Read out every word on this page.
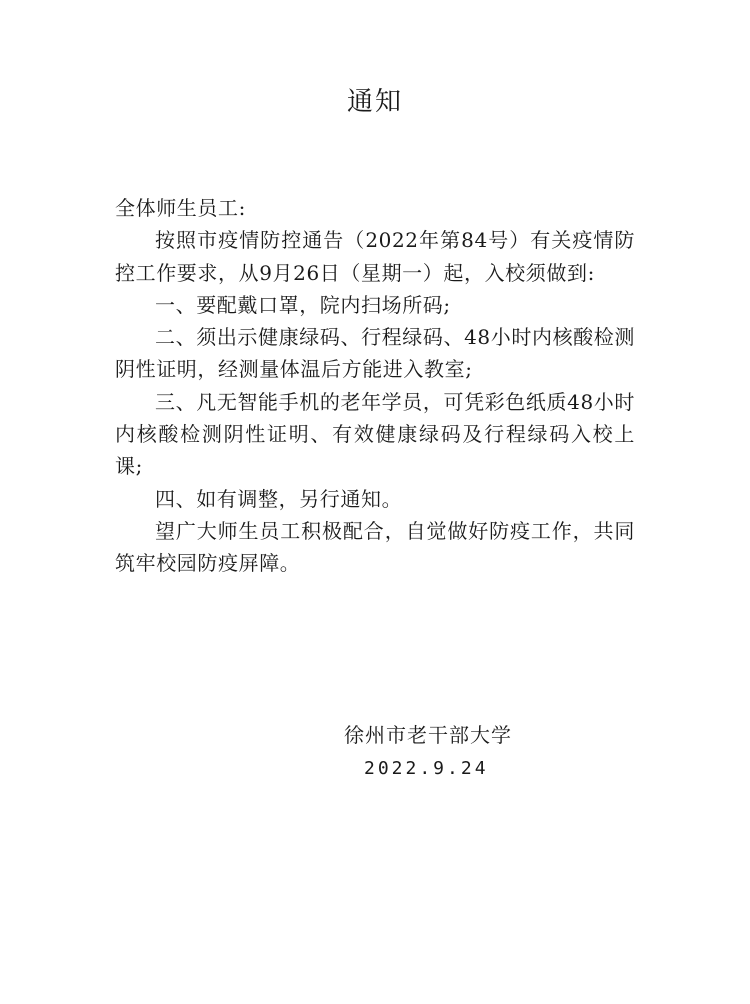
通知

全体师生员工:

按照市疫情防控通告（2022年第84号）有关疫情防控工作要求，从9月26日（星期一）起，入校须做到:

一、要配戴口罩，院内扫场所码;

二、须出示健康绿码、行程绿码、48小时内核酸检测阴性证明，经测量体温后方能进入教室;

三、凡无智能手机的老年学员，可凭彩色纸质48小时内核酸检测阴性证明、有效健康绿码及行程绿码入校上课;

四、如有调整，另行通知。

望广大师生员工积极配合，自觉做好防疫工作，共同筑牢校园防疫屏障。

徐州市老干部大学
2022.9.24
